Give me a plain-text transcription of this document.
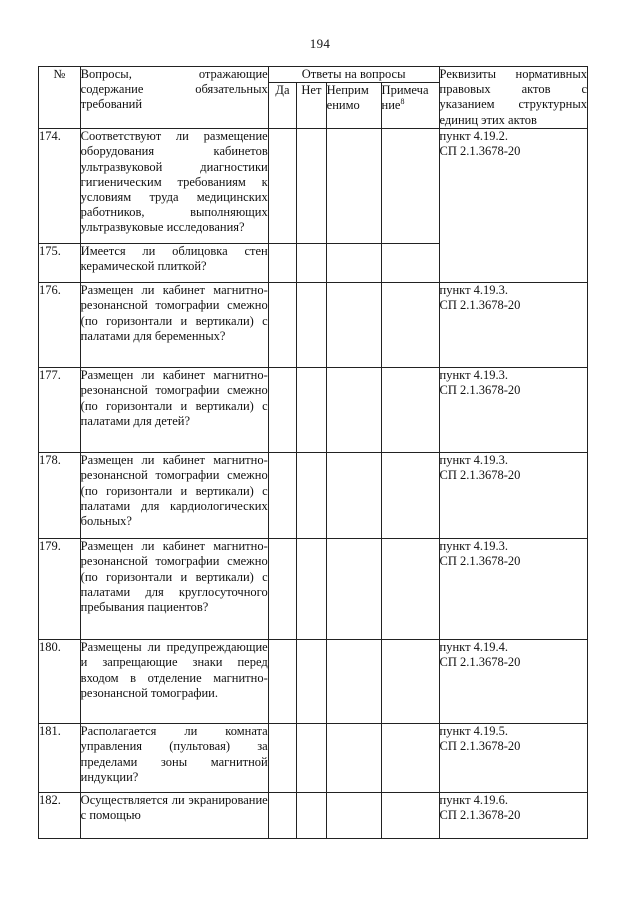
194
№	Вопросы, отражающие содержание обязательных требований	Ответы на вопросы				Реквизиты нормативных правовых актов с указанием структурных единиц этих актов
		Да	Нет	Неприм
енимо	Примеча
ние$^8$
174.	Соответствуют ли размещение оборудования кабинетов ультразвуковой диагностики гигиеническим требованиям к условиям труда медицинских работников, выполняющих ультразвуковые исследования?					пункт 4.19.2.
СП 2.1.3678-20

175.	Имеется ли облицовка стен керамической плиткой?					
176.	Размещен ли кабинет магнитно-резонансной томографии смежно (по горизонтали и вертикали) с палатами для беременных?					пункт 4.19.3.
СП 2.1.3678-20

177.	Размещен ли кабинет магнитно-резонансной томографии смежно (по горизонтали и вертикали) с палатами для детей?					пункт 4.19.3.
СП 2.1.3678-20

178.	Размещен ли кабинет магнитно-резонансной томографии смежно (по горизонтали и вертикали) с палатами для кардиологических больных?					пункт 4.19.3.
СП 2.1.3678-20

179.	Размещен ли кабинет магнитно-резонансной томографии смежно (по горизонтали и вертикали) с палатами для круглосуточного пребывания пациентов?					пункт 4.19.3.
СП 2.1.3678-20

180.	Размещены ли предупреждающие и запрещающие знаки перед входом в отделение магнитно-резонансной томографии.					пункт 4.19.4.
СП 2.1.3678-20

181.	Располагается ли комната управления (пультовая) за пределами зоны магнитной индукции?					пункт 4.19.5.
СП 2.1.3678-20

182.	Осуществляется ли экранирование с помощью					пункт 4.19.6.
СП 2.1.3678-20
